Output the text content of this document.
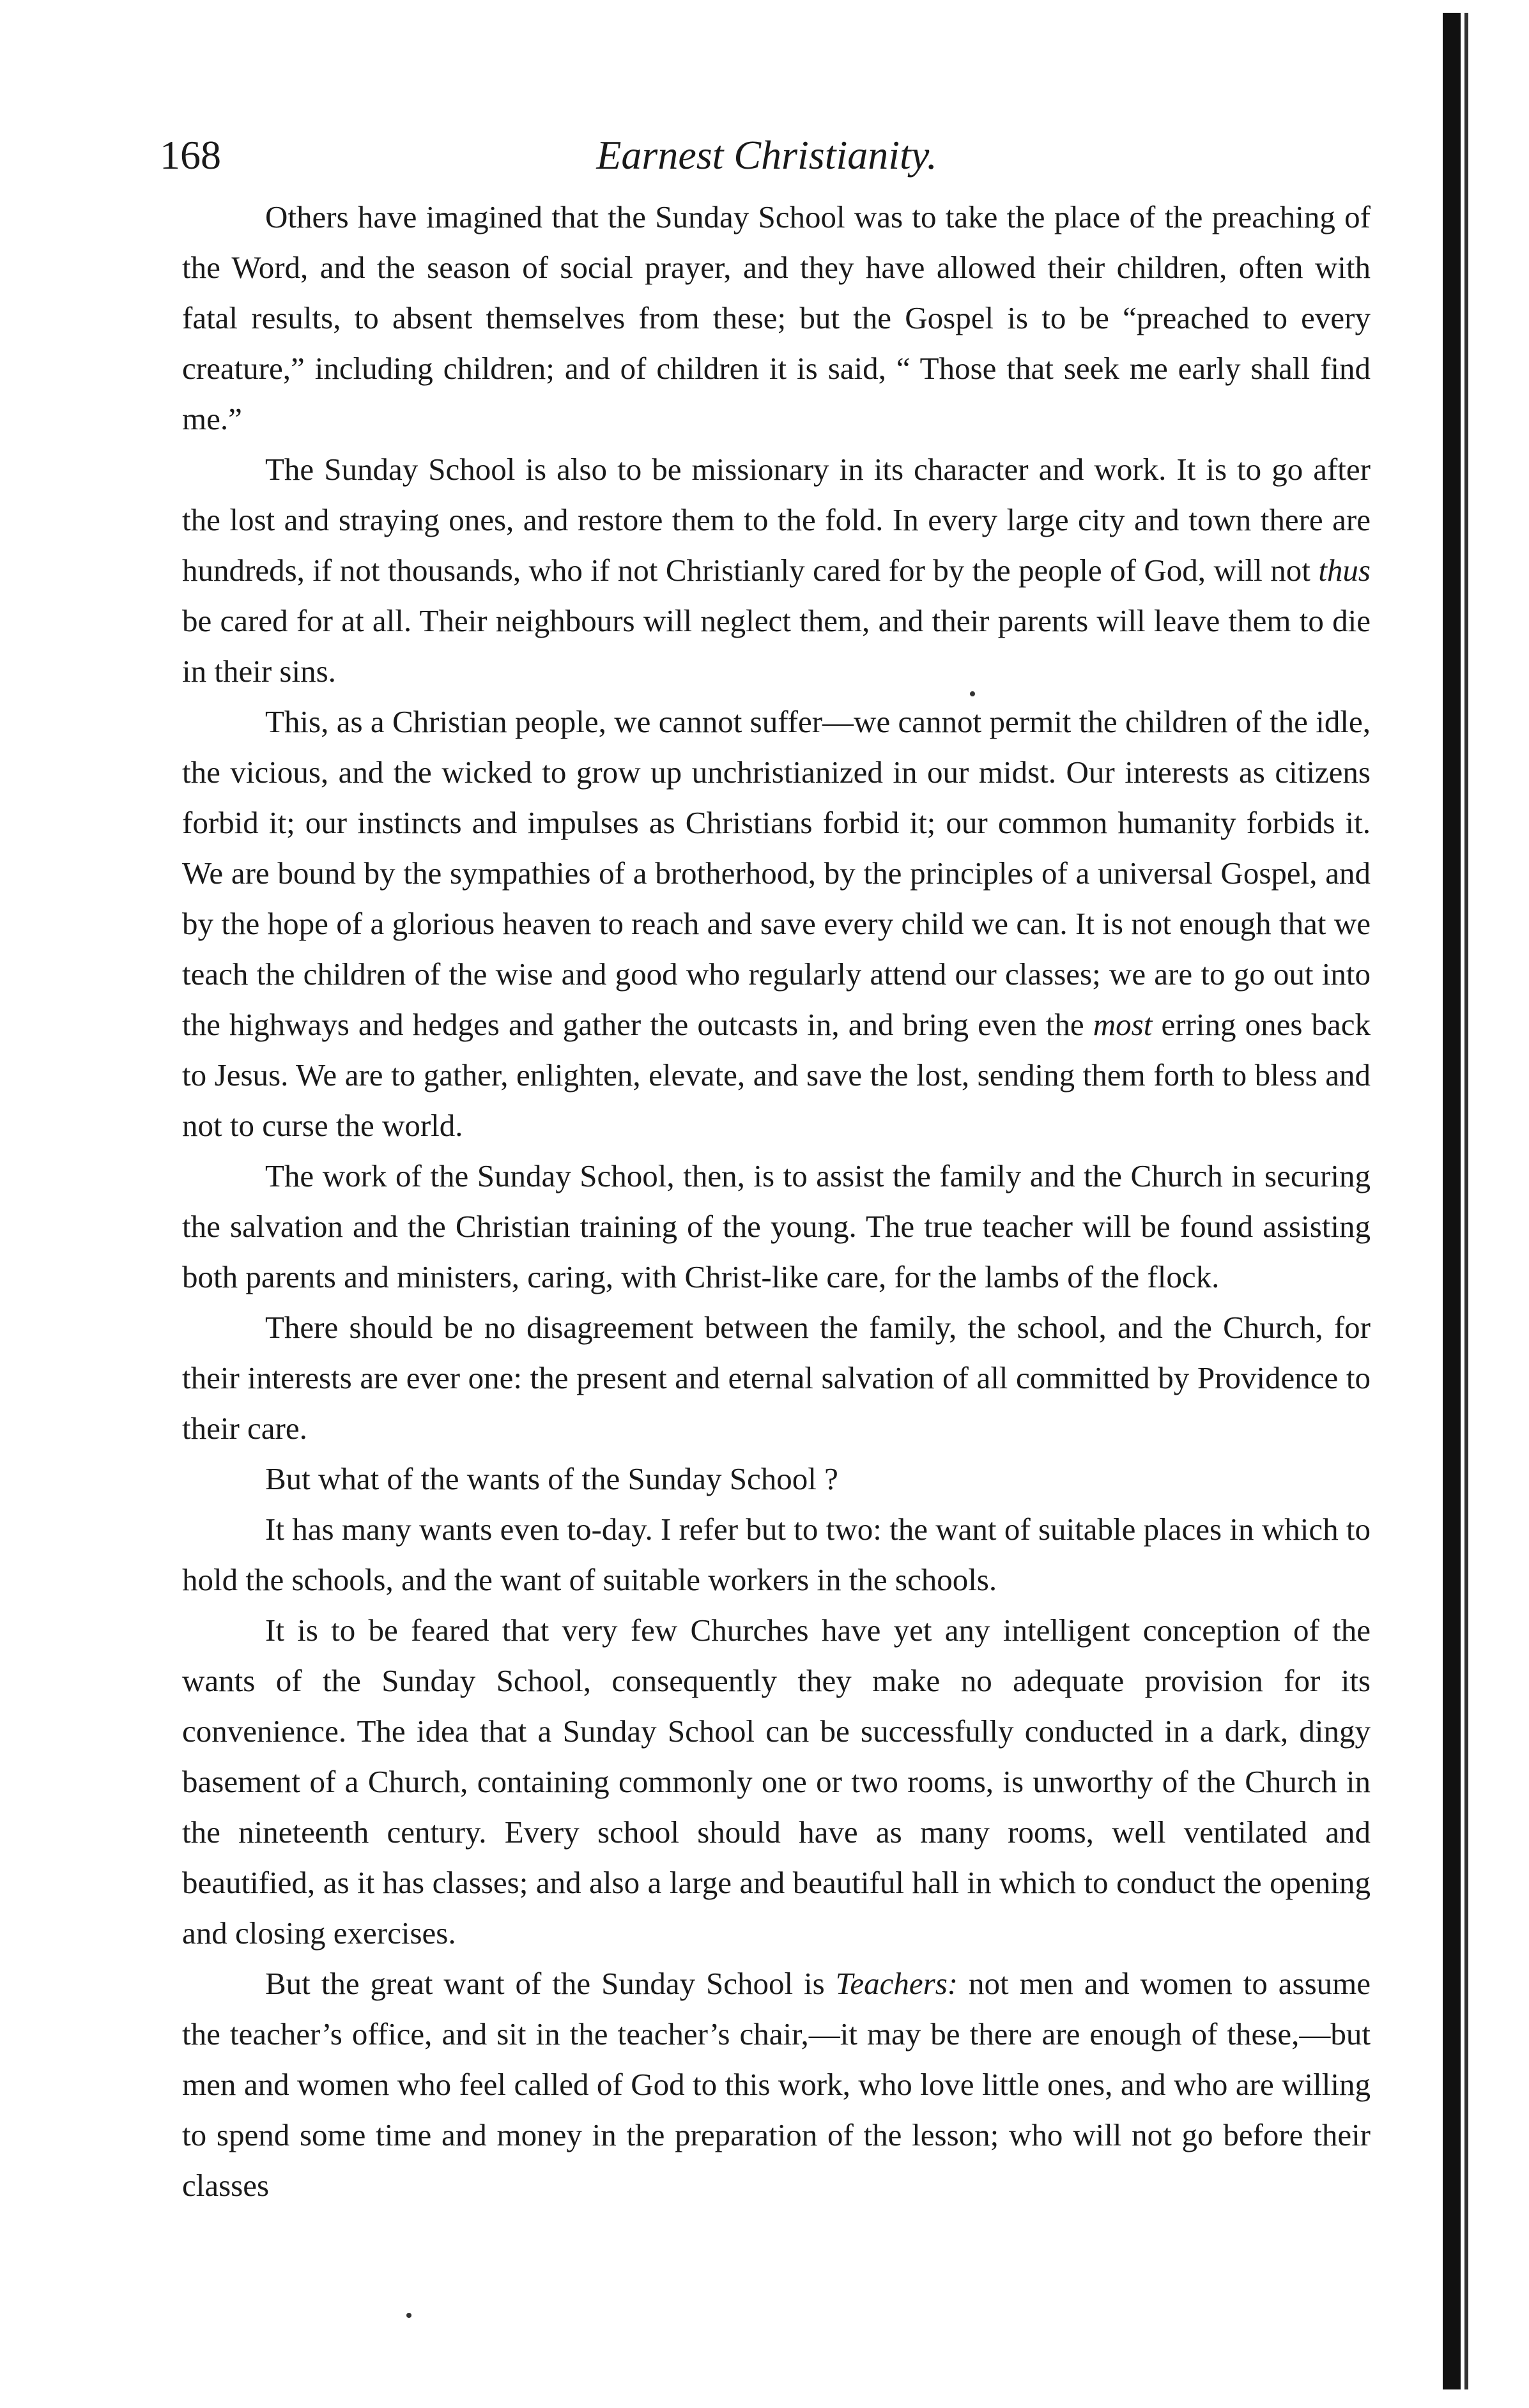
168	Earnest Christianity.

Others have imagined that the Sunday School was to take the place of the preaching of the Word, and the season of social prayer, and they have allowed their children, often with fatal results, to absent themselves from these; but the Gospel is to be “preached to every creature,” including children; and of children it is said, “ Those that seek me early shall find me.”

The Sunday School is also to be missionary in its character and work. It is to go after the lost and straying ones, and restore them to the fold. In every large city and town there are hundreds, if not thousands, who if not Christianly cared for by the people of God, will not thus be cared for at all. Their neighbours will neglect them, and their parents will leave them to die in their sins.

This, as a Christian people, we cannot suffer—we cannot permit the children of the idle, the vicious, and the wicked to grow up unchristianized in our midst. Our interests as citizens forbid it; our instincts and impulses as Christians forbid it; our common humanity forbids it. We are bound by the sympathies of a brotherhood, by the principles of a universal Gospel, and by the hope of a glorious heaven to reach and save every child we can. It is not enough that we teach the children of the wise and good who regularly attend our classes; we are to go out into the highways and hedges and gather the outcasts in, and bring even the most erring ones back to Jesus. We are to gather, enlighten, elevate, and save the lost, sending them forth to bless and not to curse the world.

The work of the Sunday School, then, is to assist the family and the Church in securing the salvation and the Christian training of the young. The true teacher will be found assisting both parents and ministers, caring, with Christ-like care, for the lambs of the flock.

There should be no disagreement between the family, the school, and the Church, for their interests are ever one: the present and eternal salvation of all committed by Providence to their care.

But what of the wants of the Sunday School ?

It has many wants even to-day. I refer but to two: the want of suitable places in which to hold the schools, and the want of suitable workers in the schools.

It is to be feared that very few Churches have yet any intelligent conception of the wants of the Sunday School, consequently they make no adequate provision for its convenience. The idea that a Sunday School can be successfully conducted in a dark, dingy basement of a Church, containing commonly one or two rooms, is unworthy of the Church in the nineteenth century. Every school should have as many rooms, well ventilated and beautified, as it has classes; and also a large and beautiful hall in which to conduct the opening and closing exercises.

But the great want of the Sunday School is Teachers: not men and women to assume the teacher’s office, and sit in the teacher’s chair,—it may be there are enough of these,—but men and women who feel called of God to this work, who love little ones, and who are willing to spend some time and money in the preparation of the lesson; who will not go before their classes
